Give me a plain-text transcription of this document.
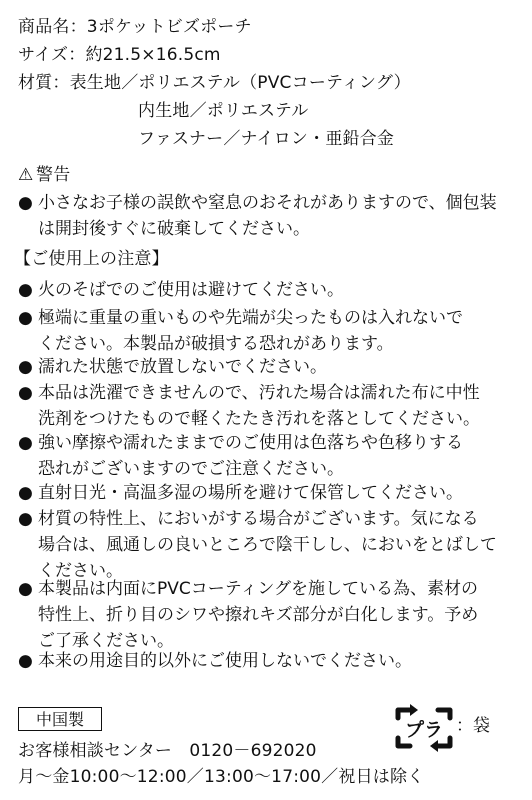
商品名：3ポケットビズポーチ
サイズ：約21.5×16.5cm
材質：表生地／ポリエステル（PVCコーティング）
内生地／ポリエステル
ファスナー／ナイロン・亜鉛合金
⚠ 警告
● 小さなお子様の誤飲や窒息のおそれがありますので、個包装
は開封後すぐに破棄してください。
【ご使用上の注意】
● 火のそばでのご使用は避けてください。
● 極端に重量の重いものや先端が尖ったものは入れないで
ください。本製品が破損する恐れがあります。
● 濡れた状態で放置しないでください。
● 本品は洗濯できませんので、汚れた場合は濡れた布に中性
洗剤をつけたもので軽くたたき汚れを落としてください。
● 強い摩擦や濡れたままでのご使用は色落ちや色移りする
恐れがございますのでご注意ください。
● 直射日光・高温多湿の場所を避けて保管してください。
● 材質の特性上、においがする場合がございます。気になる
場合は、風通しの良いところで陰干しし、においをとばして
ください。
● 本製品は内面にPVCコーティングを施している為、素材の
特性上、折り目のシワや擦れキズ部分が白化します。予め
ご了承ください。
● 本来の用途目的以外にご使用しないでください。
中国製	プラ ：袋
お客様相談センター　0120－692020
月～金10:00～12:00／13:00～17:00／祝日は除く
